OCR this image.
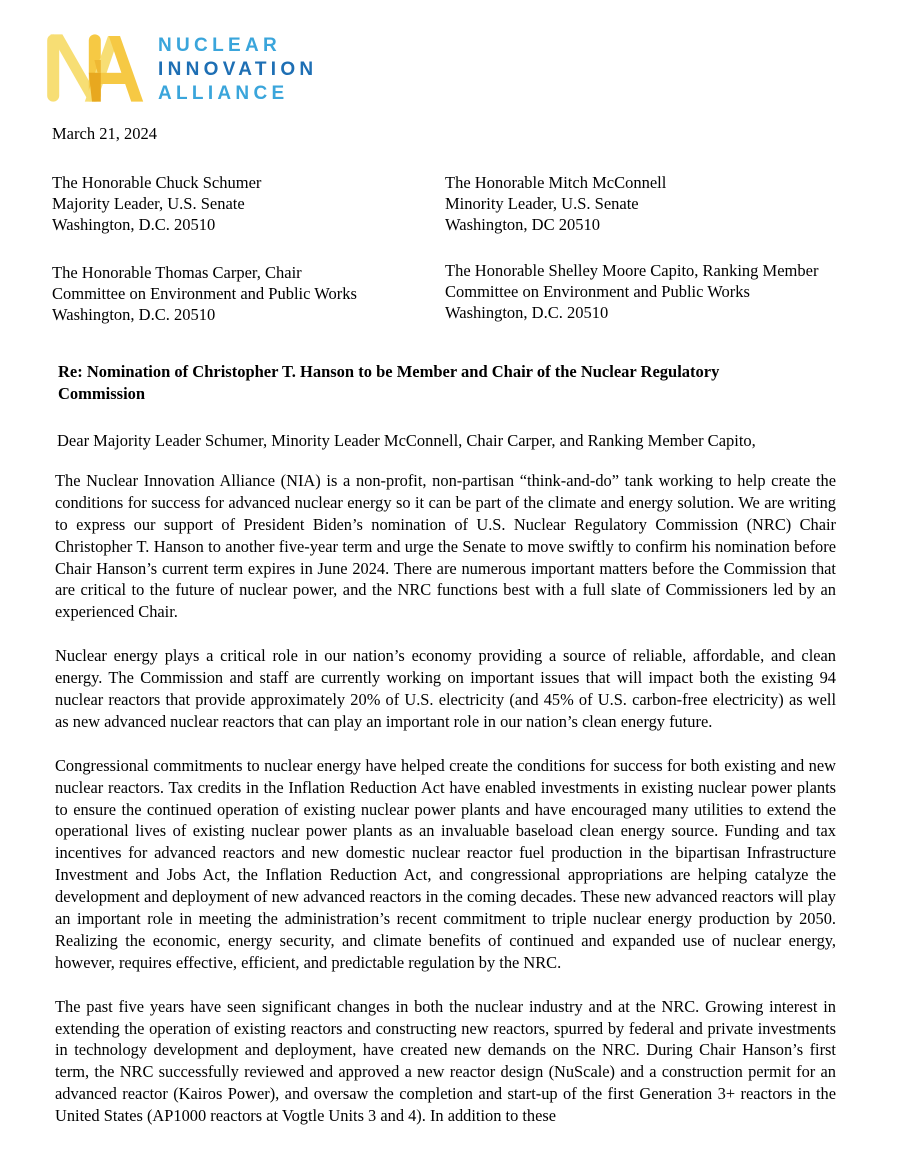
NUCLEAR
INNOVATION
ALLIANCE
March 21, 2024
The Honorable Chuck Schumer
Majority Leader, U.S. Senate
Washington, D.C. 20510
The Honorable Mitch McConnell
Minority Leader, U.S. Senate
Washington, DC 20510
The Honorable Thomas Carper, Chair
Committee on Environment and Public Works
Washington, D.C. 20510
The Honorable Shelley Moore Capito, Ranking Member
Committee on Environment and Public Works
Washington, D.C. 20510
Re: Nomination of Christopher T. Hanson to be Member and Chair of the Nuclear Regulatory Commission
Dear Majority Leader Schumer, Minority Leader McConnell, Chair Carper, and Ranking Member Capito,

The Nuclear Innovation Alliance (NIA) is a non-profit, non-partisan “think-and-do” tank working to help create the conditions for success for advanced nuclear energy so it can be part of the climate and energy solution. We are writing to express our support of President Biden’s nomination of U.S. Nuclear Regulatory Commission (NRC) Chair Christopher T. Hanson to another five-year term and urge the Senate to move swiftly to confirm his nomination before Chair Hanson’s current term expires in June 2024. There are numerous important matters before the Commission that are critical to the future of nuclear power, and the NRC functions best with a full slate of Commissioners led by an experienced Chair.

Nuclear energy plays a critical role in our nation’s economy providing a source of reliable, affordable, and clean energy. The Commission and staff are currently working on important issues that will impact both the existing 94 nuclear reactors that provide approximately 20% of U.S. electricity (and 45% of U.S. carbon-free electricity) as well as new advanced nuclear reactors that can play an important role in our nation’s clean energy future.

Congressional commitments to nuclear energy have helped create the conditions for success for both existing and new nuclear reactors. Tax credits in the Inflation Reduction Act have enabled investments in existing nuclear power plants to ensure the continued operation of existing nuclear power plants and have encouraged many utilities to extend the operational lives of existing nuclear power plants as an invaluable baseload clean energy source. Funding and tax incentives for advanced reactors and new domestic nuclear reactor fuel production in the bipartisan Infrastructure Investment and Jobs Act, the Inflation Reduction Act, and congressional appropriations are helping catalyze the development and deployment of new advanced reactors in the coming decades. These new advanced reactors will play an important role in meeting the administration’s recent commitment to triple nuclear energy production by 2050. Realizing the economic, energy security, and climate benefits of continued and expanded use of nuclear energy, however, requires effective, efficient, and predictable regulation by the NRC.

The past five years have seen significant changes in both the nuclear industry and at the NRC. Growing interest in extending the operation of existing reactors and constructing new reactors, spurred by federal and private investments in technology development and deployment, have created new demands on the NRC. During Chair Hanson’s first term, the NRC successfully reviewed and approved a new reactor design (NuScale) and a construction permit for an advanced reactor (Kairos Power), and oversaw the completion and start-up of the first Generation 3+ reactors in the United States (AP1000 reactors at Vogtle Units 3 and 4). In addition to these
